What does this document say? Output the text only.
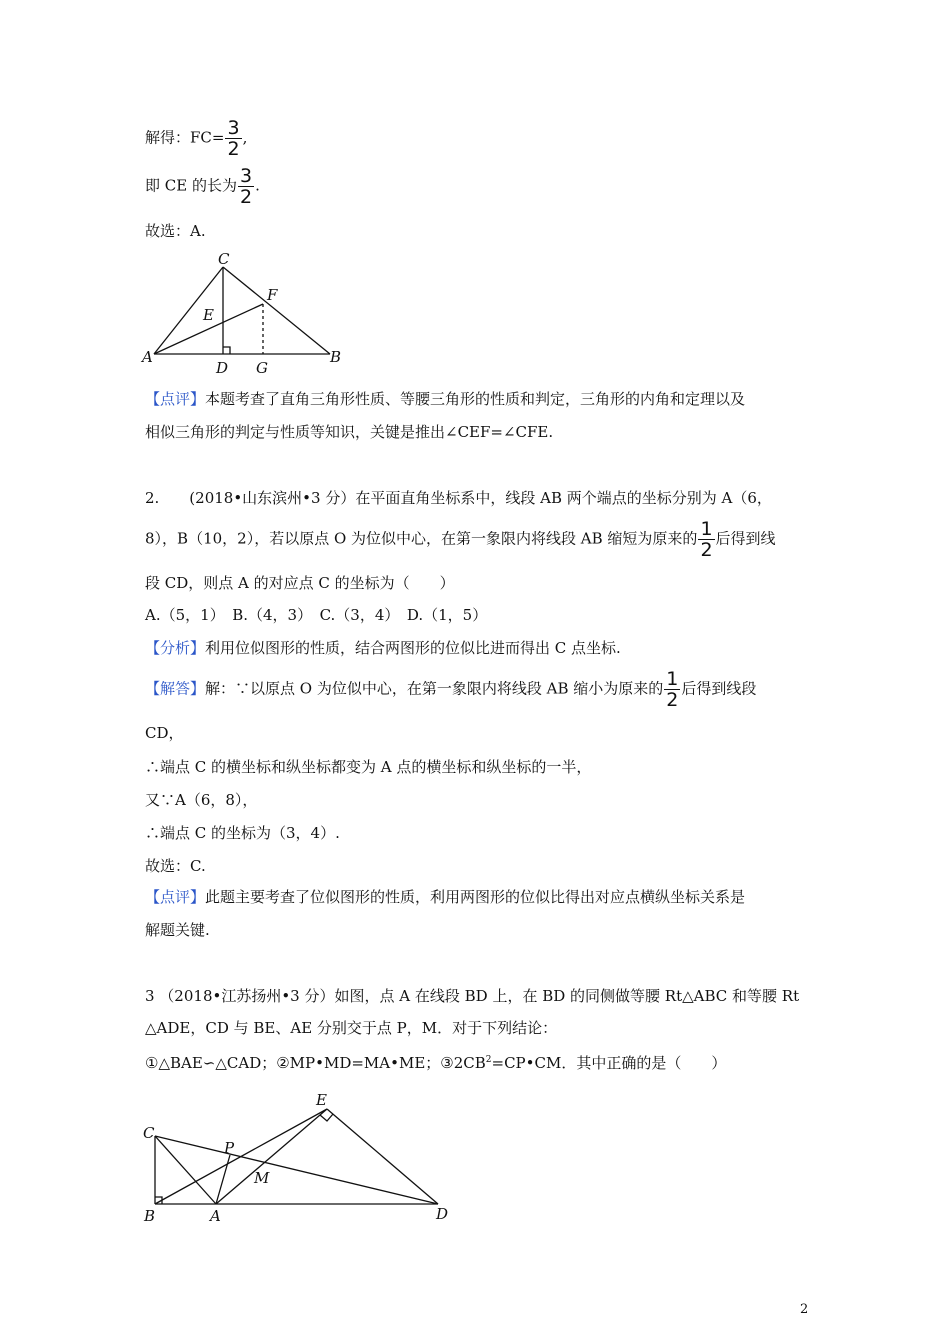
解得：$FC= \frac{3}{2}$ ,
即 CE 的长为 $\frac{3}{2}$ .
故选：A.
C
F
E
A
D G
B
【点评】本题考查了直角三角形性质、等腰三角形的性质和判定，三角形的内角和定理以及
相似三角形的判定与性质等知识，关键是推出∠CEF=∠CFE.
2.　　(2018•山东滨州•3 分）在平面直角坐标系中，线段 AB 两个端点的坐标分别为 A（6，
8），B（10，2），若以原点 O 为位似中心，在第一象限内将线段 AB 缩短为原来的 $\frac{1}{2}$ 后得到线
段 CD，则点 A 的对应点 C 的坐标为（　　）
A.（5，1）　B.（4，3）　C.（3，4）　D.（1，5）
【分析】利用位似图形的性质，结合两图形的位似比进而得出 C 点坐标.
【解答】解：∵以原点 O 为位似中心，在第一象限内将线段 AB 缩小为原来的 $\frac{1}{2}$ 后得到线段
CD，
∴端点 C 的横坐标和纵坐标都变为 A 点的横坐标和纵坐标的一半，
又∵A（6，8），
∴端点 C 的坐标为（3，4）.
故选：C.
【点评】此题主要考查了位似图形的性质，利用两图形的位似比得出对应点横纵坐标关系是
解题关键.
3 （2018•江苏扬州•3 分）如图，点 A 在线段 BD 上，在 BD 的同侧做等腰 Rt△ABC 和等腰 Rt
△ADE，CD 与 BE、AE 分别交于点 P，M．对于下列结论：
①△BAE∽△CAD；②MP•MD=MA•ME；$③2CB^2=CP•CM$．其中正确的是（　　）
E
C
P
M
B	A	D
2
